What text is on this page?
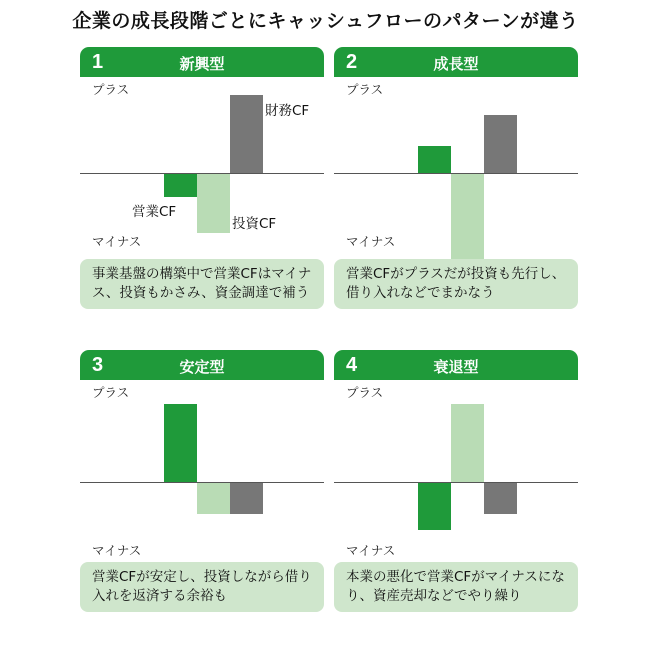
企業の成長段階ごとにキャッシュフローのパターンが違う
1	新興型
プラス
マイナス
財務CF
営業CF
投資CF
事業基盤の構築中で営業CFはマイナス、投資もかさみ、資金調達で補う
2	成長型
プラス
マイナス
営業CFがプラスだが投資も先行し、借り入れなどでまかなう
3	安定型
プラス
マイナス
営業CFが安定し、投資しながら借り入れを返済する余裕も
4	衰退型
プラス
マイナス
本業の悪化で営業CFがマイナスになり、資産売却などでやり繰り
